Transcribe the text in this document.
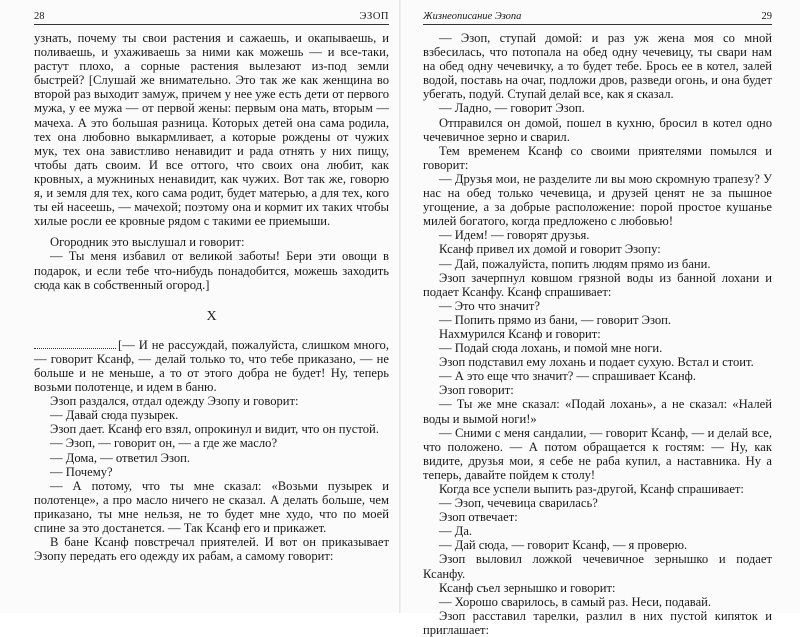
28	ЭЗОП

узнать, почему ты свои растения и сажаешь, и окапываешь, и поливаешь, и ухаживаешь за ними как можешь — и все-таки, растут плохо, а сорные растения вылезают из-под земли быстрей? [Слушай же внимательно. Это так же как женщина во второй раз выходит замуж, причем у нее уже есть дети от первого мужа, у ее мужа — от первой жены: первым она мать, вторым — мачеха. А это большая разница. Которых детей она сама родила, тех она любовно выкармливает, а которые рождены от чужих мук, тех она завистливо ненавидит и рада отнять у них пищу, чтобы дать своим. И все оттого, что своих она любит, как кровных, а мужниных ненавидит, как чужих. Вот так же, говорю я, и земля для тех, кого сама родит, будет матерью, а для тех, кого ты ей насеешь, — мачехой; поэтому она и кормит их таких чтобы хилые росли ее кровные рядом с такими ее приемыши.

Огородник это выслушал и говорит:

— Ты меня избавил от великой заботы! Бери эти овощи в подарок, и если тебе что-нибудь понадобится, можешь заходить сюда как в собственный огород.]

X

[— И не рассуждай, пожалуйста, слишком много, — говорит Ксанф, — делай только то, что тебе приказано, — не больше и не меньше, а то от этого добра не будет! Ну, теперь возьми полотенце, и идем в баню.

Эзоп раздался, отдал одежду Эзопу и говорит:

— Давай сюда пузырек.

Эзоп дает. Ксанф его взял, опрокинул и видит, что он пустой.

— Эзоп, — говорит он, — а где же масло?

— Дома, — ответил Эзоп.

— Почему?

— А потому, что ты мне сказал: «Возьми пузырек и полотенце», а про масло ничего не сказал. А делать больше, чем приказано, ты мне нельзя, не то будет мне худо, что по моей спине за это достанется. — Так Ксанф его и прикажет.

В бане Ксанф повстречал приятелей. И вот он приказывает Эзопу передать его одежду их рабам, а самому говорит:

Жизнеописание Эзопа	29

— Эзоп, ступай домой: и раз уж жена моя со мной взбесилась, что потопала на обед одну чечевицу, ты свари нам на обед одну чечевичку, а то будет тебе. Брось ее в котел, залей водой, поставь на очаг, подложи дров, разведи огонь, и она будет убегать, подуй. Ступай делай все, как я сказал.

— Ладно, — говорит Эзоп.

Отправился он домой, пошел в кухню, бросил в котел одно чечевичное зерно и сварил.

Тем временем Ксанф со своими приятелями помылся и говорит:

— Друзья мои, не разделите ли вы мою скромную трапезу? У нас на обед только чечевица, и друзей ценят не за пышное угощение, а за добрые расположение: порой простое кушанье милей богатого, когда предложено с любовью!

— Идем! — говорят друзья.

Ксанф привел их домой и говорит Эзопу:

— Дай, пожалуйста, попить людям прямо из бани.

Эзоп зачерпнул ковшом грязной воды из банной лохани и подает Ксанфу. Ксанф спрашивает:

— Это что значит?

— Попить прямо из бани, — говорит Эзоп.

Нахмурился Ксанф и говорит:

— Подай сюда лохань, и помой мне ноги.

Эзоп подставил ему лохань и подает сухую. Встал и стоит.

— А это еще что значит? — спрашивает Ксанф.

Эзоп говорит:

— Ты же мне сказал: «Подай лохань», а не сказал: «Налей воды и вымой ноги!»

— Сними с меня сандалии, — говорит Ксанф, — и делай все, что положено. — А потом обращается к гостям: — Ну, как видите, друзья мои, я себе не раба купил, а наставника. Ну а теперь, давайте пойдем к столу!

Когда все успели выпить раз-другой, Ксанф спрашивает:

— Эзоп, чечевица сварилась?

Эзоп отвечает:

— Да.

— Дай сюда, — говорит Ксанф, — я проверю.

Эзоп выловил ложкой чечевичное зернышко и подает Ксанфу.

Ксанф съел зернышко и говорит:

— Хорошо сварилось, в самый раз. Неси, подавай.

Эзоп расставил тарелки, разлил в них пустой кипяток и приглашает:
